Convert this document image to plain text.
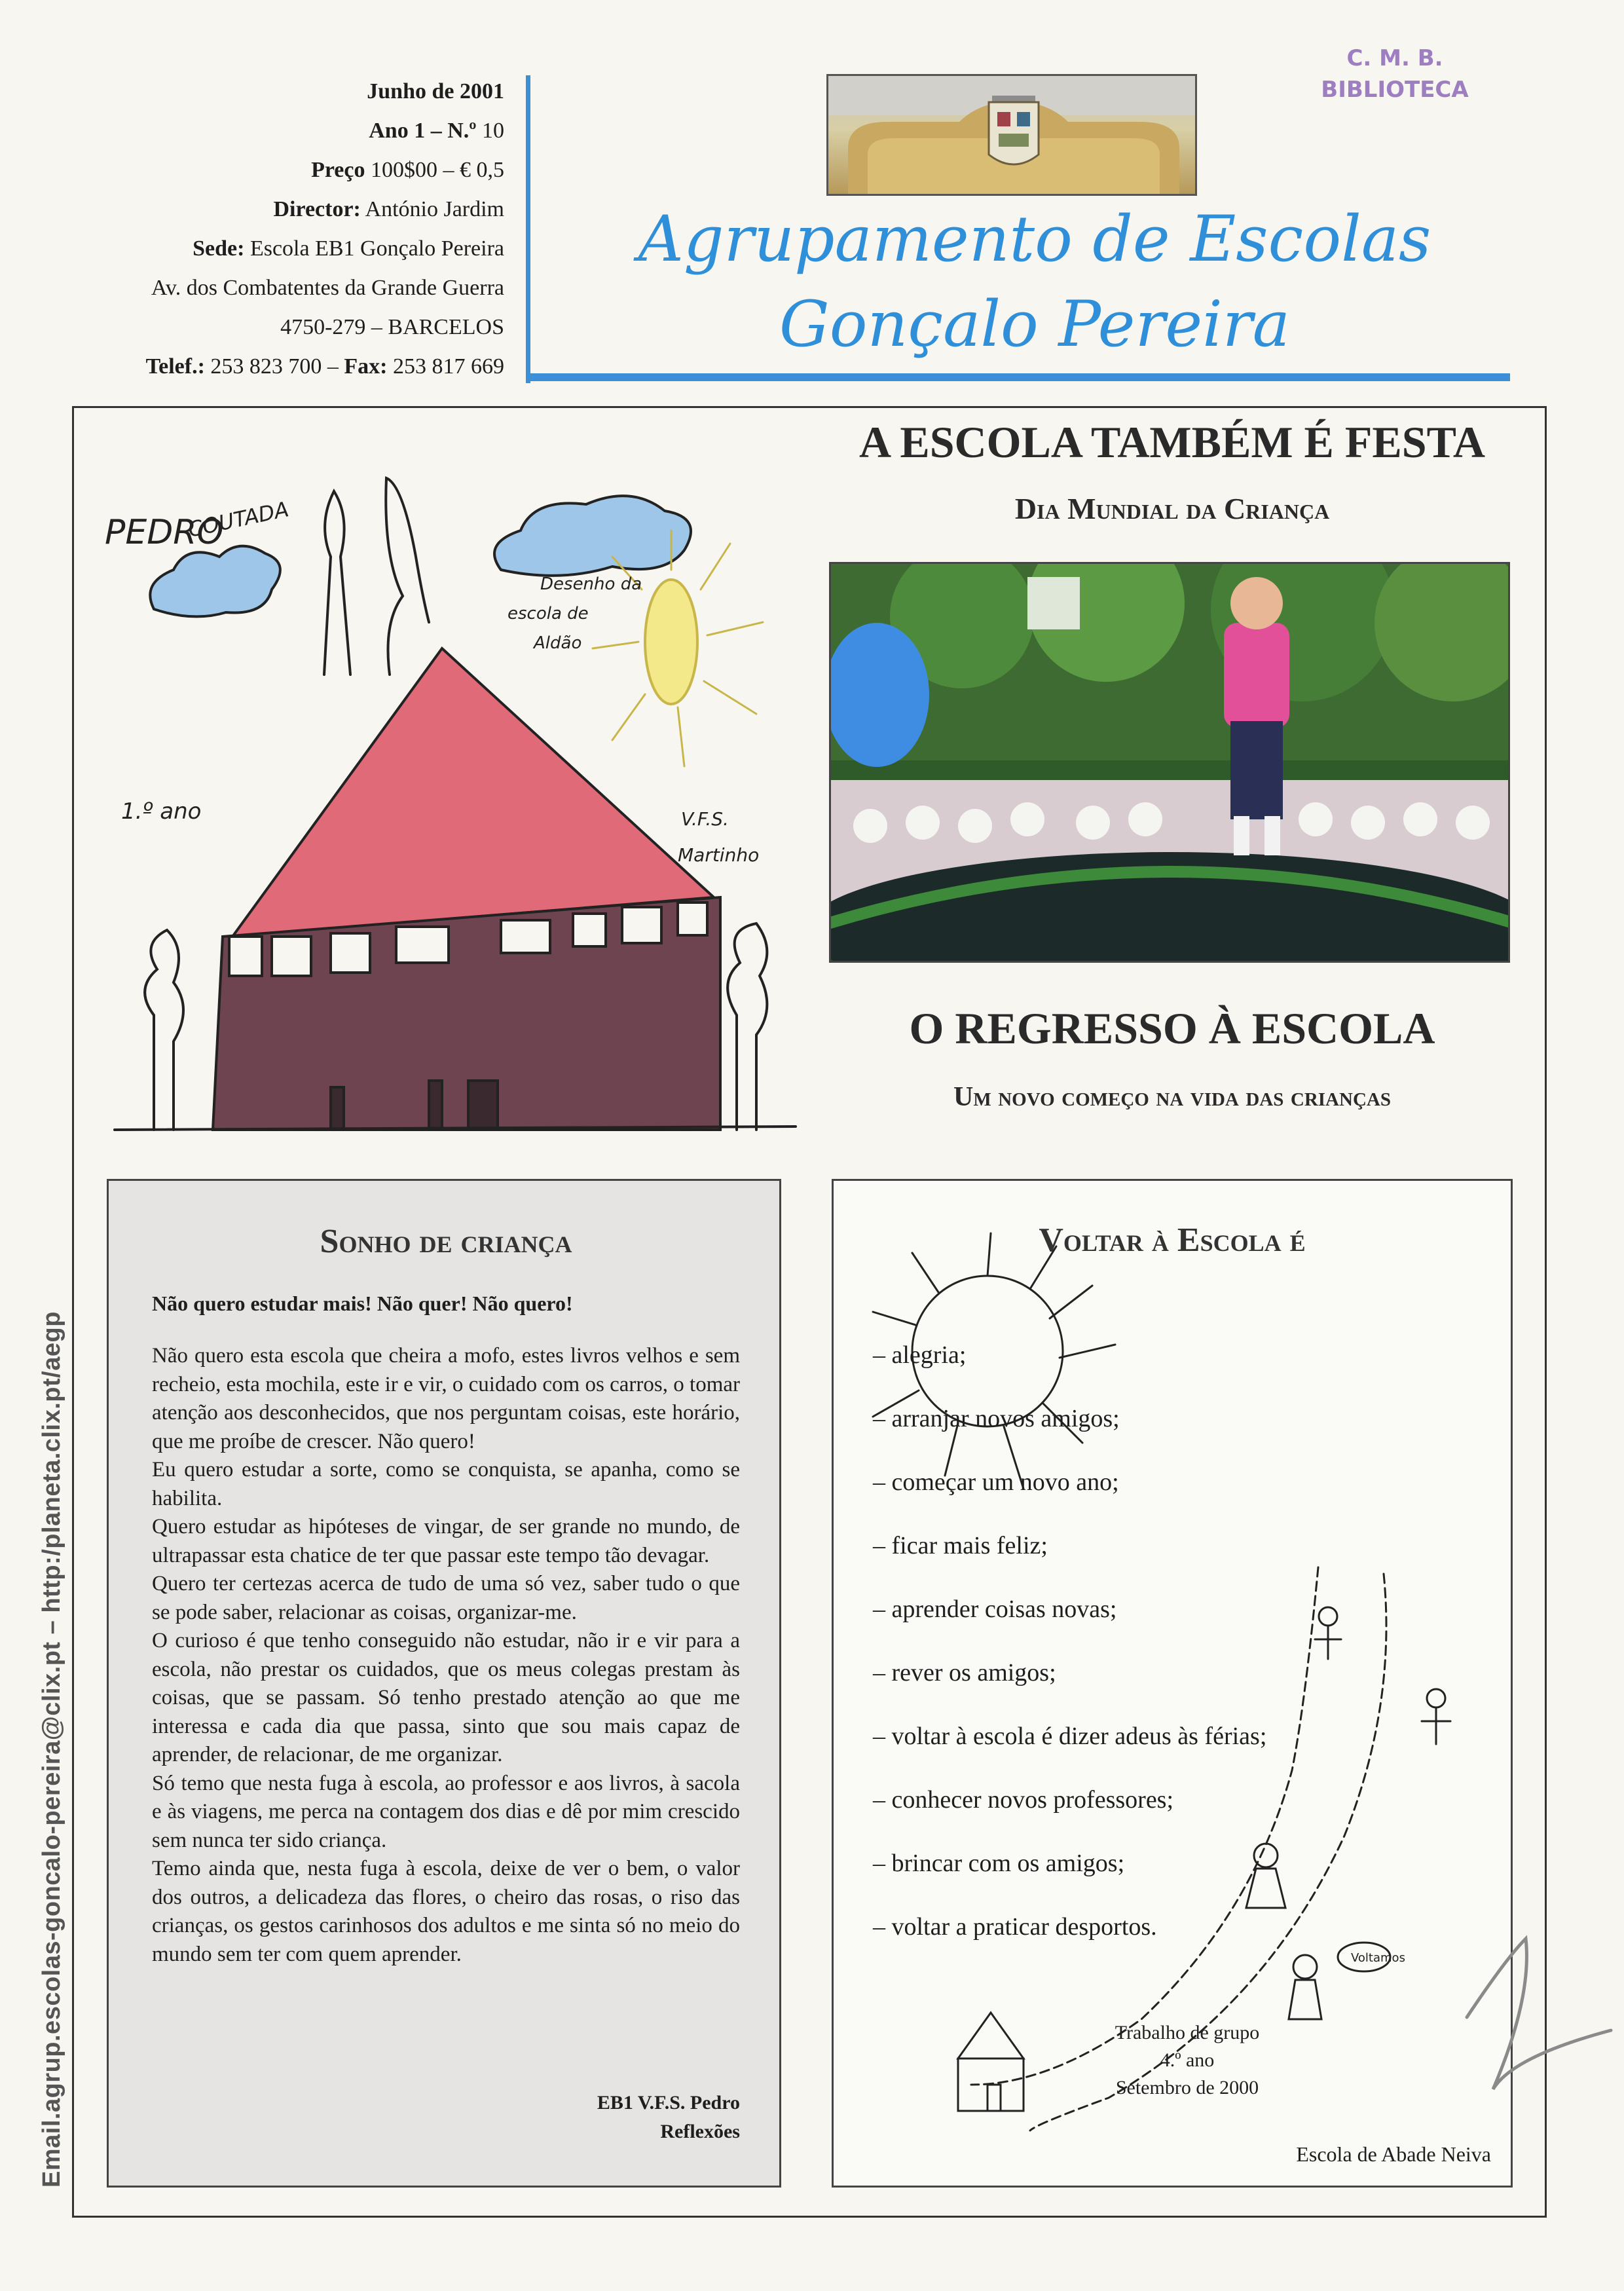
Junho de 2001
Ano 1 – N.º 10
Preço 100$00 – € 0,5
Director: António Jardim
Sede: Escola EB1 Gonçalo Pereira
Av. dos Combatentes da Grande Guerra
4750-279 – BARCELOS
Telef.: 253 823 700 – Fax: 253 817 669
C. M. B.
BIBLIOTECA
Agrupamento de Escolas
Gonçalo Pereira
PEDRO
COUTADA
1.º ano
Desenho da
escola de
Aldão
V.F.S.
Martinho
A ESCOLA TAMBÉM É FESTA
Dia Mundial da Criança
O REGRESSO À ESCOLA
Um novo começo na vida das crianças
Sonho de criança
Não quero estudar mais! Não quer! Não quero!

Não quero esta escola que cheira a mofo, estes livros velhos e sem recheio, esta mochila, este ir e vir, o cuidado com os carros, o tomar atenção aos desconhecidos, que nos perguntam coisas, este horário, que me proíbe de crescer. Não quero!

Eu quero estudar a sorte, como se conquista, se apanha, como se habilita.

Quero estudar as hipóteses de vingar, de ser grande no mundo, de ultrapassar esta chatice de ter que passar este tempo tão devagar.

Quero ter certezas acerca de tudo de uma só vez, saber tudo o que se pode saber, relacionar as coisas, organizar-me.

O curioso é que tenho conseguido não estudar, não ir e vir para a escola, não prestar os cuidados, que os meus colegas prestam às coisas, que se passam. Só tenho prestado atenção ao que me interessa e cada dia que passa, sinto que sou mais capaz de aprender, de relacionar, de me organizar.

Só temo que nesta fuga à escola, ao professor e aos livros, à sacola e às viagens, me perca na contagem dos dias e dê por mim crescido sem nunca ter sido criança.

Temo ainda que, nesta fuga à escola, deixe de ver o bem, o valor dos outros, a delicadeza das flores, o cheiro das rosas, o riso das crianças, os gestos carinhosos dos adultos e me sinta só no meio do mundo sem ter com quem aprender.

EB1 V.F.S. Pedro
Reflexões
Voltamos
Voltar à Escola é
– alegria;
– arranjar novos amigos;
– começar um novo ano;
– ficar mais feliz;
– aprender coisas novas;
– rever os amigos;
– voltar à escola é dizer adeus às férias;
– conhecer novos professores;
– brincar com os amigos;
– voltar a praticar desportos.
Trabalho de grupo
4.º ano
Setembro de 2000
Escola de Abade Neiva
Email.agrup.escolas-goncalo-pereira@clix.pt – http:/planeta.clix.pt/aegp
